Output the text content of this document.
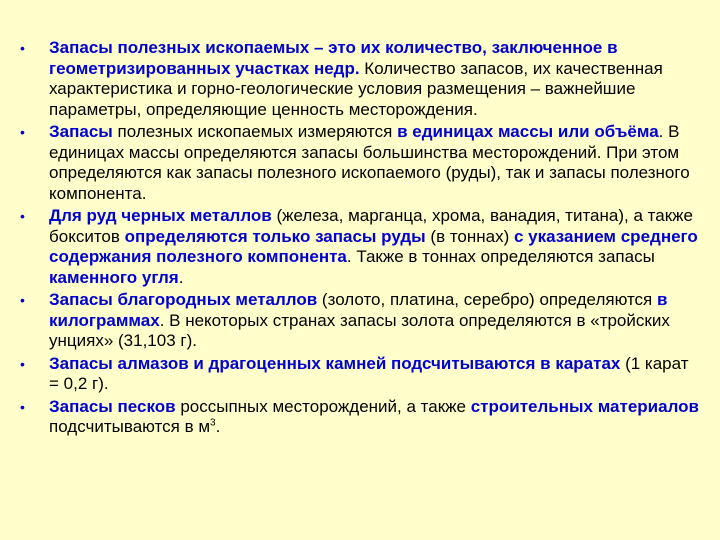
• Запасы полезных ископаемых – это их количество, заключенное в геометризированных участках недр. Количество запасов, их качественная характеристика и горно-геологические условия размещения – важнейшие параметры, определяющие ценность месторождения.
• Запасы полезных ископаемых измеряются в единицах массы или объёма. В единицах массы определяются запасы большинства месторождений. При этом определяются как запасы полезного ископаемого (руды), так и запасы полезного компонента.
• Для руд черных металлов (железа, марганца, хрома, ванадия, титана), а также бокситов определяются только запасы руды (в тоннах) с указанием среднего содержания полезного компонента. Также в тоннах определяются запасы каменного угля.
• Запасы благородных металлов (золото, платина, серебро) определяются в килограммах. В некоторых странах запасы золота определяются в «тройских унциях» (31,103 г).
• Запасы алмазов и драгоценных камней подсчитываются в каратах (1 карат = 0,2 г).
• Запасы песков россыпных месторождений, а также строительных материалов подсчитываются в $м^3$.
